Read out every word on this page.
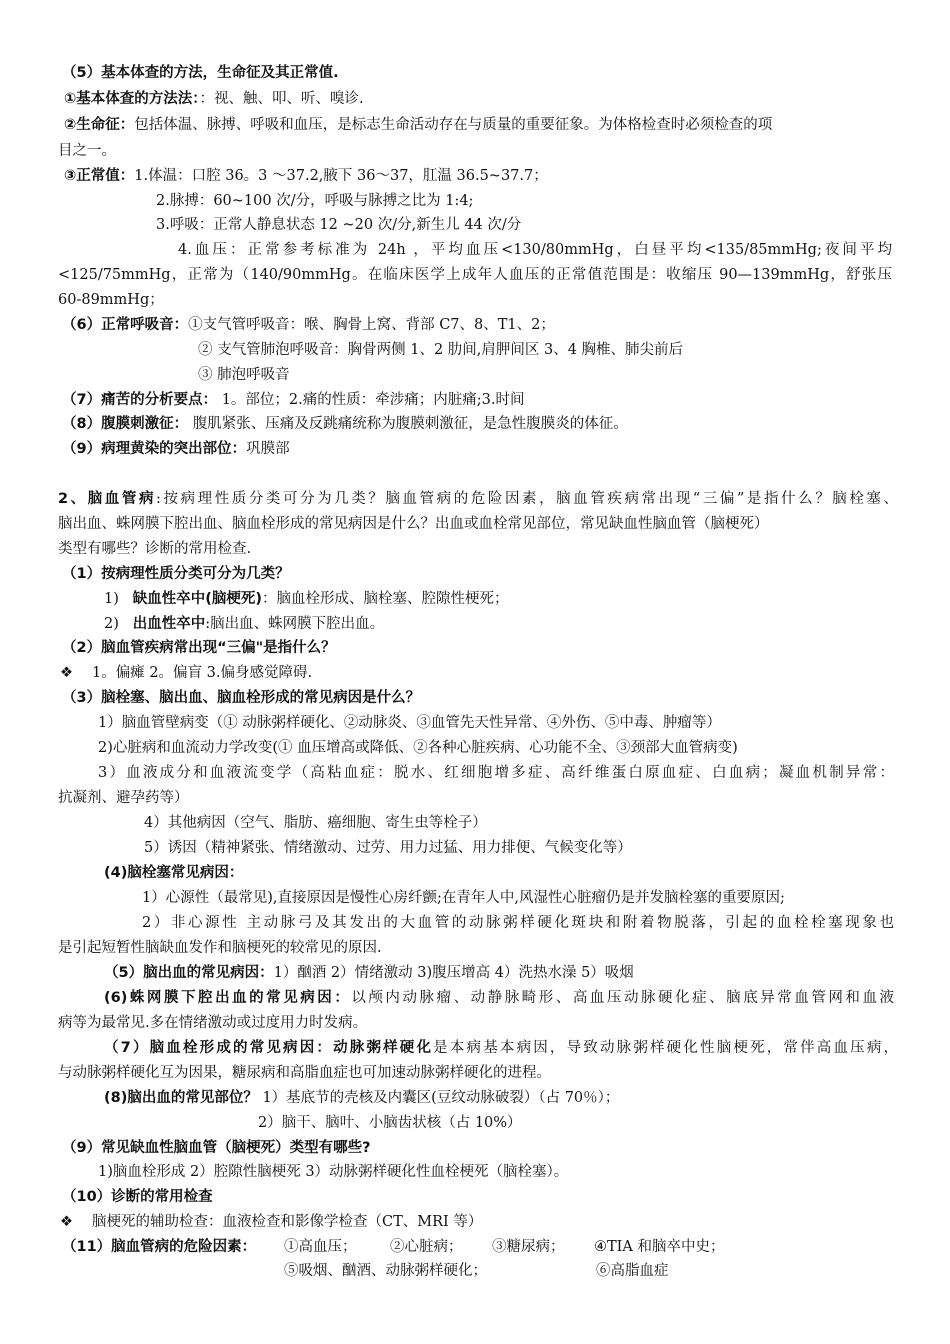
（5）基本体查的方法，生命征及其正常值.
①基本体查的方法法：：视、触、叩、听、嗅诊.
②生命征：包括体温、脉搏、呼吸和血压，是标志生命活动存在与质量的重要征象。为体格检查时必须检查的项
目之一。
③正常值：1.体温：口腔 36。3 ～37.2,腋下 36～37，肛温 36.5~37.7；
2.脉搏：60~100 次/分，呼吸与脉搏之比为 1:4;
3.呼吸：正常人静息状态 12 ~20 次/分,新生儿 44 次/分
4.血压：正常参考标准为 24h ，平均血压<130/80mmHg，白昼平均<135/85mmHg;夜间平均
<125/75mmHg，正常为（140/90mmHg。在临床医学上成年人血压的正常值范围是：收缩压 90—139mmHg，舒张压
60-89mmHg；
（6）正常呼吸音：①支气管呼吸音：喉、胸骨上窝、背部 C7、8、T1、2；
② 支气管肺泡呼吸音：胸骨两侧 1、2 肋间,肩胛间区 3、4 胸椎、肺尖前后
③ 肺泡呼吸音
（7）痛苦的分析要点： 1。部位；2.痛的性质：牵涉痛；内脏痛;3.时间
（8）腹膜刺激征： 腹肌紧张、压痛及反跳痛统称为腹膜刺激征，是急性腹膜炎的体征。
（9）病理黄染的突出部位：巩膜部
2、脑血管病:按病理性质分类可分为几类？脑血管病的危险因素，脑血管疾病常出现“三偏”是指什么？脑栓塞、
脑出血、蛛网膜下腔出血、脑血栓形成的常见病因是什么？出血或血栓常见部位，常见缺血性脑血管（脑梗死）
类型有哪些？诊断的常用检查.
（1）按病理性质分类可分为几类？
1)   缺血性卒中(脑梗死)：脑血栓形成、脑栓塞、腔隙性梗死；
2)   出血性卒中:脑出血、蛛网膜下腔出血。
（2）脑血管疾病常出现“三偏"是指什么？
❖ 1。偏瘫 2。偏盲 3.偏身感觉障碍.
（3）脑栓塞、脑出血、脑血栓形成的常见病因是什么？
1）脑血管壁病变（① 动脉粥样硬化、②动脉炎、③血管先天性异常、④外伤、⑤中毒、肿瘤等）
2)心脏病和血流动力学改变(① 血压增高或降低、②各种心脏疾病、心功能不全、③颈部大血管病变)
3）血液成分和血液流变学（高粘血症：脱水、红细胞增多症、高纤维蛋白原血症、白血病；凝血机制异常：
抗凝剂、避孕药等）
4）其他病因（空气、脂肪、癌细胞、寄生虫等栓子）
5）诱因（精神紧张、情绪激动、过劳、用力过猛、用力排便、气候变化等）
(4)脑栓塞常见病因：
1）心源性（最常见),直接原因是慢性心房纤颤;在青年人中,风湿性心脏瘤仍是并发脑栓塞的重要原因;
2）非心源性 主动脉弓及其发出的大血管的动脉粥样硬化斑块和附着物脱落，引起的血栓栓塞现象也
是引起短暂性脑缺血发作和脑梗死的较常见的原因.
（5）脑出血的常见病因：1）酗酒 2）情绪激动 3)腹压增高 4）洗热水澡 5）吸烟
(6)蛛网膜下腔出血的常见病因：以颅内动脉瘤、动静脉畸形、高血压动脉硬化症、脑底异常血管网和血液
病等为最常见.多在情绪激动或过度用力时发病。
（7）脑血栓形成的常见病因：动脉粥样硬化是本病基本病因，导致动脉粥样硬化性脑梗死，常伴高血压病，
与动脉粥样硬化互为因果，糖尿病和高脂血症也可加速动脉粥样硬化的进程。
(8)脑出血的常见部位？ 1）基底节的壳核及内囊区(豆纹动脉破裂）（占 70％）；
2）脑干、脑叶、小脑齿状核（占 10%）
（9）常见缺血性脑血管（脑梗死）类型有哪些?
1)脑血栓形成 2）腔隙性脑梗死 3）动脉粥样硬化性血栓梗死（脑栓塞）。
（10）诊断的常用检查
❖ 脑梗死的辅助检查：血液检查和影像学检查（CT、MRI 等）
（11）脑血管病的危险因素： ①高血压； ②心脏病； ③糖尿病； ④TIA 和脑卒中史；
⑤吸烟、酗酒、动脉粥样硬化；	⑥高脂血症
